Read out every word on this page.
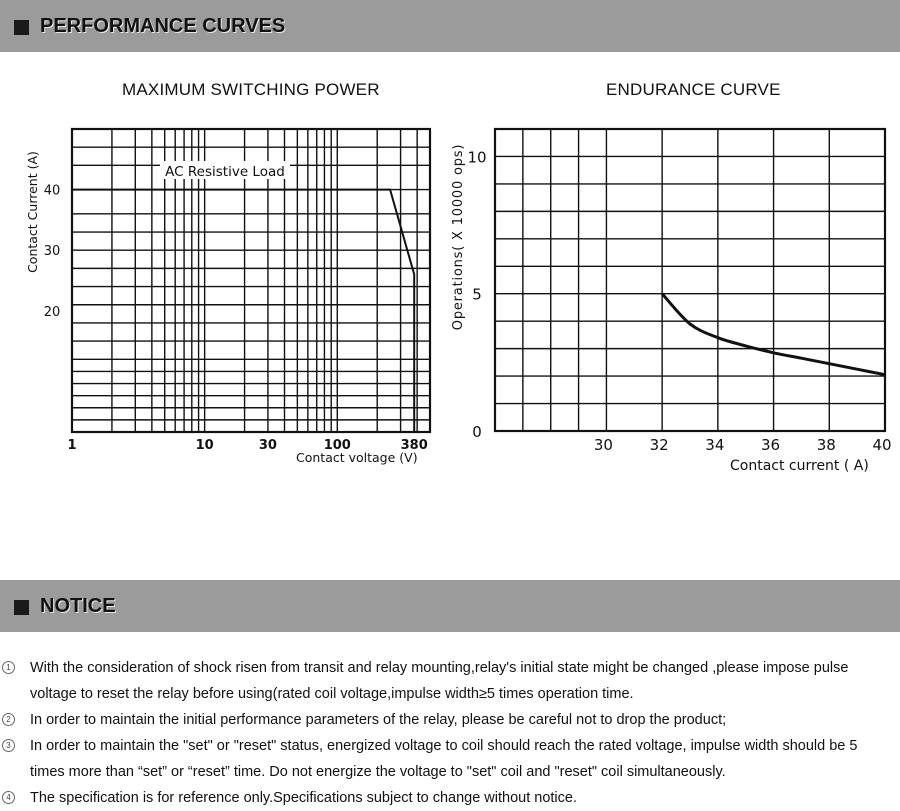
PERFORMANCE CURVES
MAXIMUM SWITCHING POWER	ENDURANCE CURVE
Contact Current (A)
Contact voltage (V)
AC Resistive Load
20
30
40
1	10	30	100	380
Operations( X 10000 ops)
Contact current ( A)
0
5
10
30 32 34 36 38 40
NOTICE
1 With the consideration of shock risen from transit and relay mounting,relay's initial state might be changed ,please impose pulse voltage to reset the relay before using(rated coil voltage,impulse width≥5 times operation time.
2 In order to maintain the initial performance parameters of the relay, please be careful not to drop the product;
3 In order to maintain the "set" or "reset" status, energized voltage to coil should reach the rated voltage, impulse width should be 5 times more than “set” or “reset” time. Do not energize the voltage to "set" coil and "reset" coil simultaneously.
4 The specification is for reference only.Specifications subject to change without notice.
